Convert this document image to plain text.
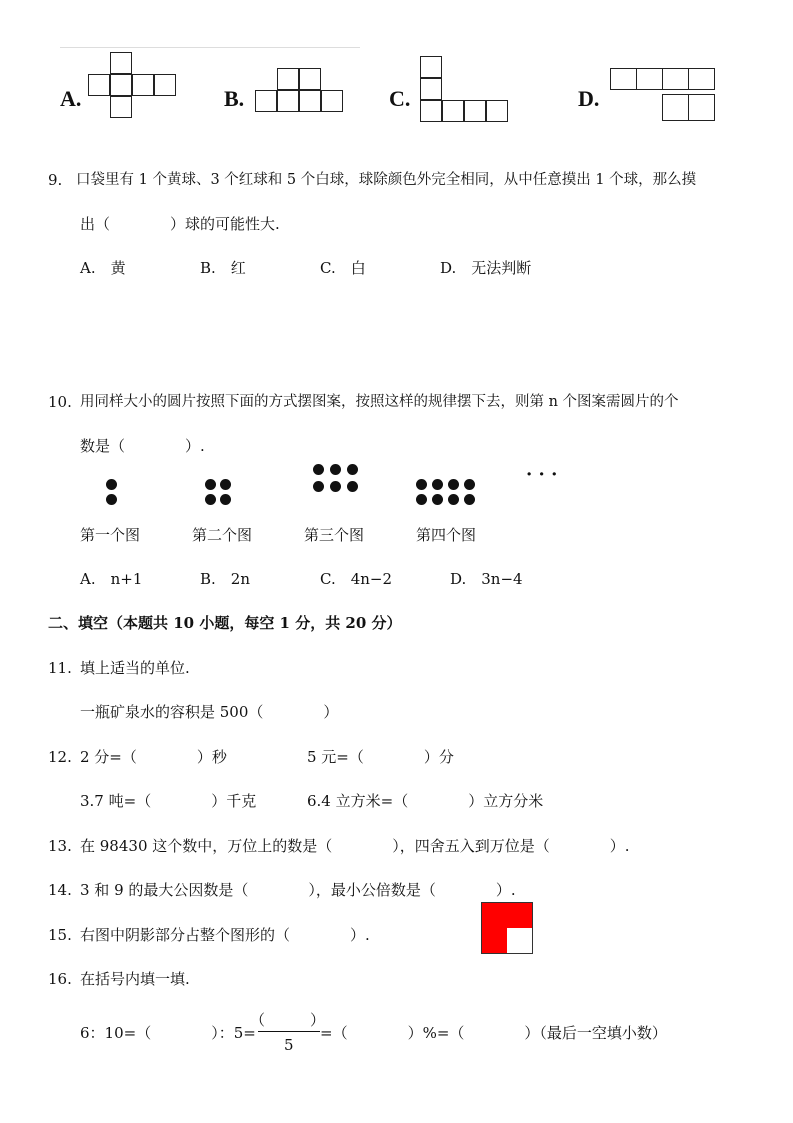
A.	B.	C.	D.
9. 口袋里有 1 个黄球、3 个红球和 5 个白球，球除颜色外完全相同，从中任意摸出 1 个球，那么摸
出（　　　　）球的可能性大.
A.　黄	B.　红	C.　白	D.　无法判断
10. 用同样大小的圆片按照下面的方式摆图案，按照这样的规律摆下去，则第 n 个图案需圆片的个
数是（　　　　）.
· · ·
第一个图	第二个图	第三个图	第四个图
A.　n+1	B.　2n	C.　4n−2	D.　3n−4
二、填空（本题共 10 小题，每空 1 分，共 20 分）
11. 填上适当的单位.
一瓶矿泉水的容积是 500（　　　　）
12. 2 分=（　　　　）秒	5 元=（　　　　）分
3.7 吨=（　　　　）千克	6.4 立方米=（　　　　）立方分米
13. 在 98430 这个数中，万位上的数是（　　　　），四舍五入到万位是（　　　　）.
14. 3 和 9 的最大公因数是（　　　　），最小公倍数是（　　　　）.
15. 右图中阴影部分占整个图形的（　　　　）.
16. 在括号内填一填.
6：10=（　　　　）：5=
（　　　）
5
=（　　　　）%=（　　　　）（最后一空填小数）
